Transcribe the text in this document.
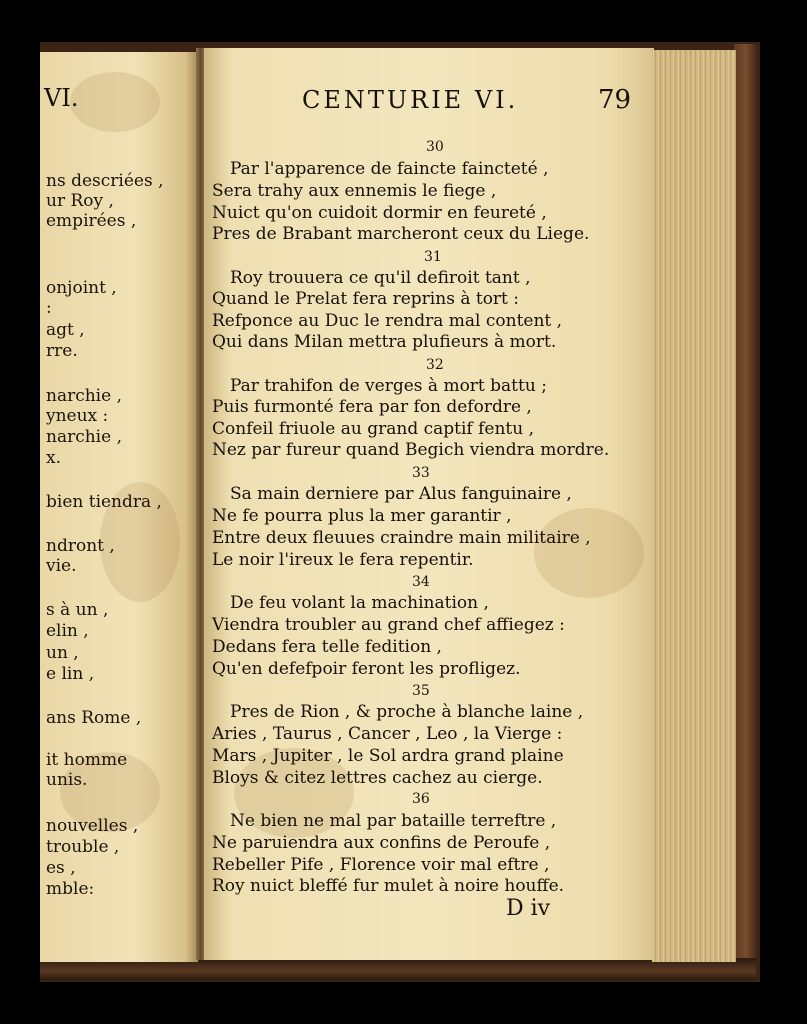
VI.
ns descriées ,
ur Roy ,
empirées ,
onjoint ,
:
agt ,
rre.
narchie ,
yneux :
narchie ,
x.
bien tiendra ,
ndront ,
vie.
s à un ,
elin ,
un ,
e lin ,
ans Rome ,
it homme
unis.
nouvelles ,
trouble ,
es ,
mble:
CENTURIE VI.	79
30
Par l'apparence de faincte faincteté ,
Sera trahy aux ennemis le fiege ,
Nuict qu'on cuidoit dormir en feureté ,
Pres de Brabant marcheront ceux du Liege.
31
Roy trouuera ce qu'il defiroit tant ,
Quand le Prelat fera reprins à tort :
Refponce au Duc le rendra mal content ,
Qui dans Milan mettra plufieurs à mort.
32
Par trahifon de verges à mort battu ;
Puis furmonté fera par fon defordre ,
Confeil friuole au grand captif fentu ,
Nez par fureur quand Begich viendra mordre.
33
Sa main derniere par Alus fanguinaire ,
Ne fe pourra plus la mer garantir ,
Entre deux fleuues craindre main militaire ,
Le noir l'ireux le fera repentir.
34
De feu volant la machination ,
Viendra troubler au grand chef affiegez :
Dedans fera telle fedition ,
Qu'en defefpoir feront les profligez.
35
Pres de Rion , & proche à blanche laine ,
Aries , Taurus , Cancer , Leo , la Vierge :
Mars , Jupiter , le Sol ardra grand plaine
Bloys & citez lettres cachez au cierge.
36
Ne bien ne mal par bataille terreftre ,
Ne paruiendra aux confins de Peroufe ,
Rebeller Pife , Florence voir mal eftre ,
Roy nuict bleffé fur mulet à noire houffe.
D iv
